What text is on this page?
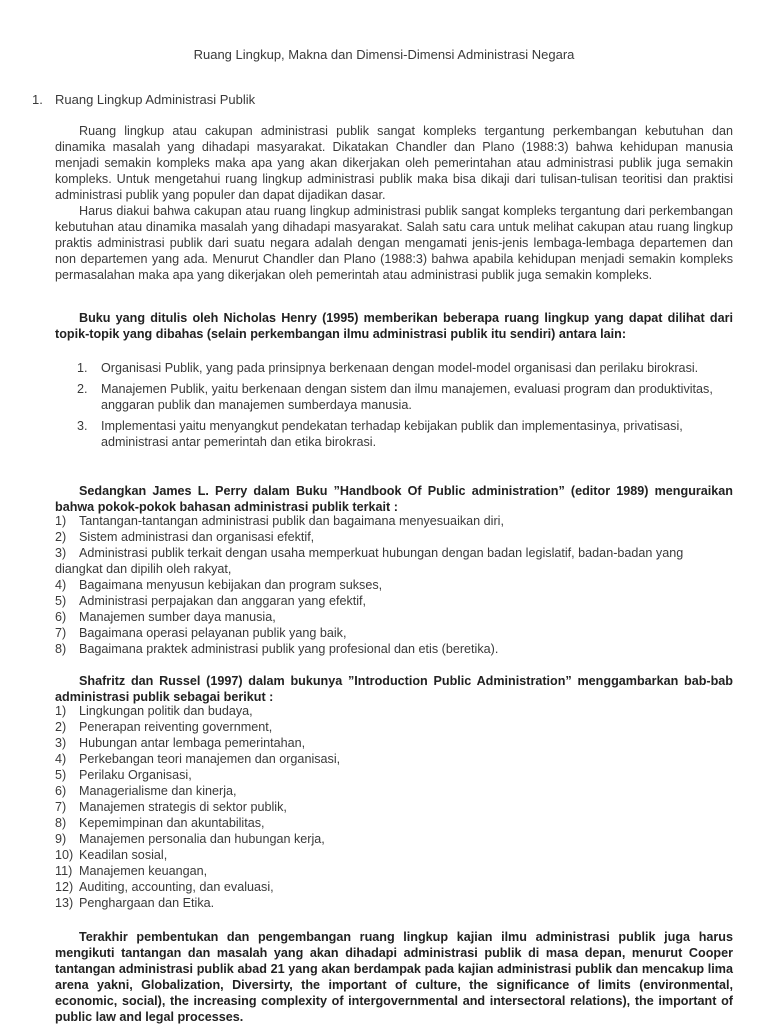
Ruang Lingkup, Makna dan Dimensi-Dimensi Administrasi Negara
1. Ruang Lingkup Administrasi Publik
Ruang lingkup atau cakupan administrasi publik sangat kompleks tergantung perkembangan kebutuhan dan dinamika masalah yang dihadapi masyarakat. Dikatakan Chandler dan Plano (1988:3) bahwa kehidupan manusia menjadi semakin kompleks maka apa yang akan dikerjakan oleh pemerintahan atau administrasi publik juga semakin kompleks. Untuk mengetahui ruang lingkup administrasi publik maka bisa dikaji dari tulisan-tulisan teoritisi dan praktisi administrasi publik yang populer dan dapat dijadikan dasar.
Harus diakui bahwa cakupan atau ruang lingkup administrasi publik sangat kompleks tergantung dari perkembangan kebutuhan atau dinamika masalah yang dihadapi masyarakat. Salah satu cara untuk melihat cakupan atau ruang lingkup praktis administrasi publik dari suatu negara adalah dengan mengamati jenis-jenis lembaga-lembaga departemen dan non departemen yang ada. Menurut Chandler dan Plano (1988:3) bahwa apabila kehidupan menjadi semakin kompleks permasalahan maka apa yang dikerjakan oleh pemerintah atau administrasi publik juga semakin kompleks.
Buku yang ditulis oleh Nicholas Henry (1995) memberikan beberapa ruang lingkup yang dapat dilihat dari topik-topik yang dibahas (selain perkembangan ilmu administrasi publik itu sendiri) antara lain:
1. Organisasi Publik, yang pada prinsipnya berkenaan dengan model-model organisasi dan perilaku birokrasi.
2.	Manajemen Publik, yaitu berkenaan dengan sistem dan ilmu manajemen, evaluasi program dan produktivitas, anggaran publik dan manajemen sumberdaya manusia.
3.	Implementasi yaitu menyangkut pendekatan terhadap kebijakan publik dan implementasinya, privatisasi, administrasi antar pemerintah dan etika birokrasi.
Sedangkan James L. Perry dalam Buku ”Handbook Of Public administration” (editor 1989) menguraikan bahwa pokok-pokok bahasan administrasi publik terkait :
1)	Tantangan-tantangan administrasi publik dan bagaimana menyesuaikan diri,
2)	Sistem administrasi dan organisasi efektif,
3) Administrasi publik terkait dengan usaha memperkuat hubungan dengan badan legislatif, badan-badan yang diangkat dan dipilih oleh rakyat,
4)	Bagaimana menyusun kebijakan dan program sukses,
5)	Administrasi perpajakan dan anggaran yang efektif,
6)	Manajemen sumber daya manusia,
7)	Bagaimana operasi pelayanan publik yang baik,
8)	Bagaimana praktek administrasi publik yang profesional dan etis (beretika).
Shafritz dan Russel (1997) dalam bukunya ”Introduction Public Administration” menggambarkan bab-bab administrasi publik sebagai berikut :
1)	Lingkungan politik dan budaya,
2)	Penerapan reiventing government,
3)	Hubungan antar lembaga pemerintahan,
4)	Perkebangan teori manajemen dan organisasi,
5)	Perilaku Organisasi,
6)	Managerialisme dan kinerja,
7)	Manajemen strategis di sektor publik,
8)	Kepemimpinan dan akuntabilitas,
9)	Manajemen personalia dan hubungan kerja,
10) Keadilan sosial,
11) Manajemen keuangan,
12) Auditing, accounting, dan evaluasi,
13) Penghargaan dan Etika.
Terakhir pembentukan dan pengembangan ruang lingkup kajian ilmu administrasi publik juga harus mengikuti tantangan dan masalah yang akan dihadapi administrasi publik di masa depan, menurut Cooper tantangan administrasi publik abad 21 yang akan berdampak pada kajian administrasi publik dan mencakup lima arena yakni, Globalization, Diversirty, the important of culture, the significance of limits (environmental, economic, social), the increasing complexity of intergovernmental and intersectoral relations), the important of public law and legal processes.
